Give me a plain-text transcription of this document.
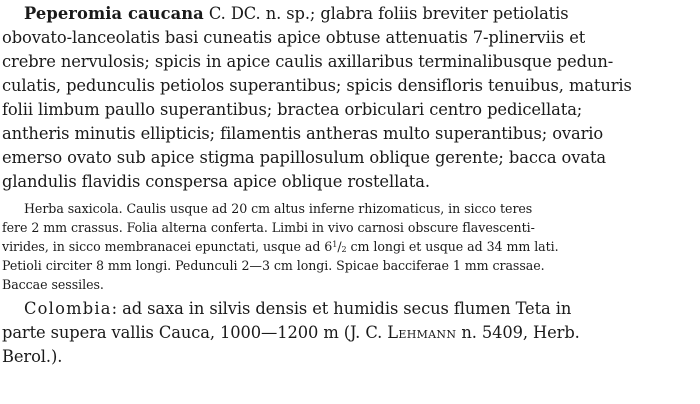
Peperomia caucana C. DC. n. sp.; glabra foliis breviter petiolatis
obovato-lanceolatis basi cuneatis apice obtuse attenuatis 7-plinerviis et
crebre nervulosis; spicis in apice caulis axillaribus terminalibusque pedun-
culatis, pedunculis petiolos superantibus; spicis densifloris tenuibus, maturis
folii limbum paullo superantibus; bractea orbiculari centro pedicellata;
antheris minutis ellipticis; filamentis antheras multo superantibus; ovario
emerso ovato sub apice stigma papillosulum oblique gerente; bacca ovata
glandulis flavidis conspersa apice oblique rostellata.
Herba saxicola. Caulis usque ad 20 cm altus inferne rhizomaticus, in sicco teres
fere 2 mm crassus. Folia alterna conferta. Limbi in vivo carnosi obscure flavescenti-
virides, in sicco membranacei epunctati, usque ad $6^1/_2$ cm longi et usque ad 34 mm lati.
Petioli circiter 8 mm longi. Pedunculi 2—3 cm longi. Spicae bacciferae 1 mm crassae.
Baccae sessiles.
Colombia: ad saxa in silvis densis et humidis secus flumen Teta in
parte supera vallis Cauca, 1000—1200 m (J. C. Lehmann n. 5409, Herb.
Berol.).
